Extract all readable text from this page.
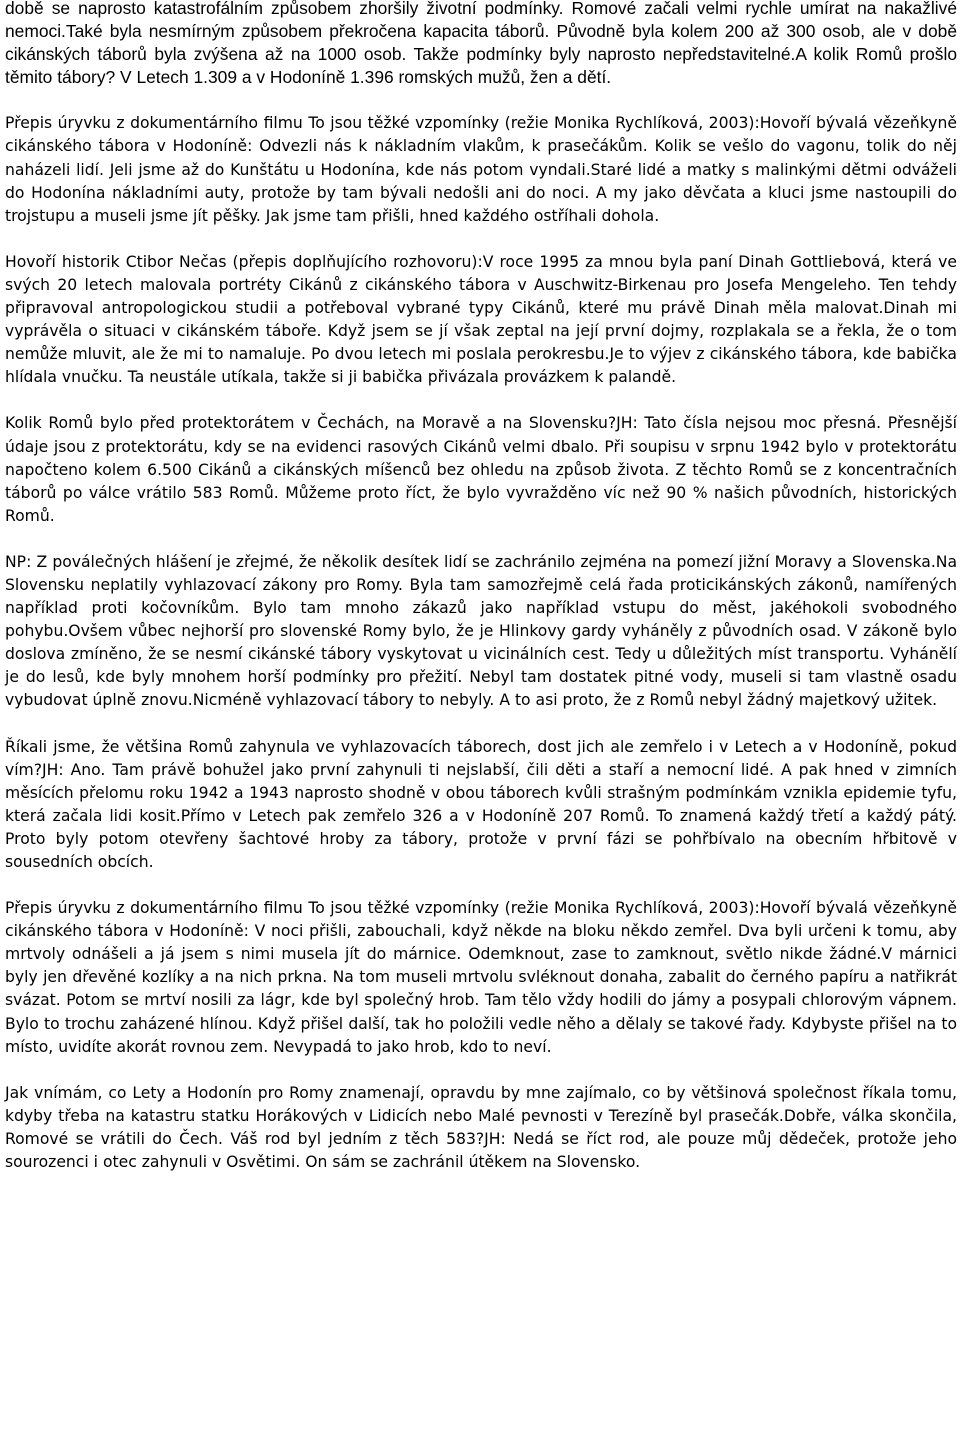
době se naprosto katastrofálním způsobem zhoršily životní podmínky. Romové začali velmi rychle umírat na nakažlivé nemoci.Také byla nesmírným způsobem překročena kapacita táborů. Původně byla kolem 200 až 300 osob, ale v době cikánských táborů byla zvýšena až na 1000 osob. Takže podmínky byly naprosto nepředstavitelné.A kolik Romů prošlo těmito tábory? V Letech 1.309 a v Hodoníně 1.396 romských mužů, žen a dětí.

Přepis úryvku z dokumentárního filmu To jsou těžké vzpomínky (režie Monika Rychlíková, 2003):Hovoří bývalá vězeňkyně cikánského tábora v Hodoníně: Odvezli nás k nákladním vlakům, k prasečákům. Kolik se vešlo do vagonu, tolik do něj naházeli lidí. Jeli jsme až do Kunštátu u Hodonína, kde nás potom vyndali.Staré lidé a matky s malinkými dětmi odváželi do Hodonína nákladními auty, protože by tam bývali nedošli ani do noci. A my jako děvčata a kluci jsme nastoupili do trojstupu a museli jsme jít pěšky. Jak jsme tam přišli, hned každého ostříhali dohola.

Hovoří historik Ctibor Nečas (přepis doplňujícího rozhovoru):V roce 1995 za mnou byla paní Dinah Gottliebová, která ve svých 20 letech malovala portréty Cikánů z cikánského tábora v Auschwitz-Birkenau pro Josefa Mengeleho. Ten tehdy připravoval antropologickou studii a potřeboval vybrané typy Cikánů, které mu právě Dinah měla malovat.Dinah mi vyprávěla o situaci v cikánském táboře. Když jsem se jí však zeptal na její první dojmy, rozplakala se a řekla, že o tom nemůže mluvit, ale že mi to namaluje. Po dvou letech mi poslala perokresbu.Je to výjev z cikánského tábora, kde babička hlídala vnučku. Ta neustále utíkala, takže si ji babička přivázala provázkem k palandě.

Kolik Romů bylo před protektorátem v Čechách, na Moravě a na Slovensku?JH: Tato čísla nejsou moc přesná. Přesnější údaje jsou z protektorátu, kdy se na evidenci rasových Cikánů velmi dbalo. Při soupisu v srpnu 1942 bylo v protektorátu napočteno kolem 6.500 Cikánů a cikánských míšenců bez ohledu na způsob života. Z těchto Romů se z koncentračních táborů po válce vrátilo 583 Romů. Můžeme proto říct, že bylo vyvražděno víc než 90 % našich původních, historických Romů.

NP: Z poválečných hlášení je zřejmé, že několik desítek lidí se zachránilo zejména na pomezí jižní Moravy a Slovenska.Na Slovensku neplatily vyhlazovací zákony pro Romy. Byla tam samozřejmě celá řada proticikánských zákonů, namířených například proti kočovníkům. Bylo tam mnoho zákazů jako například vstupu do měst, jakéhokoli svobodného pohybu.Ovšem vůbec nejhorší pro slovenské Romy bylo, že je Hlinkovy gardy vyháněly z původních osad. V zákoně bylo doslova zmíněno, že se nesmí cikánské tábory vyskytovat u vicinálních cest. Tedy u důležitých míst transportu. Vyhánělí je do lesů, kde byly mnohem horší podmínky pro přežití. Nebyl tam dostatek pitné vody, museli si tam vlastně osadu vybudovat úplně znovu.Nicméně vyhlazovací tábory to nebyly. A to asi proto, že z Romů nebyl žádný majetkový užitek.

Říkali jsme, že většina Romů zahynula ve vyhlazovacích táborech, dost jich ale zemřelo i v Letech a v Hodoníně, pokud vím?JH: Ano. Tam právě bohužel jako první zahynuli ti nejslabší, čili děti a staří a nemocní lidé. A pak hned v zimních měsících přelomu roku 1942 a 1943 naprosto shodně v obou táborech kvůli strašným podmínkám vznikla epidemie tyfu, která začala lidi kosit.Přímo v Letech pak zemřelo 326 a v Hodoníně 207 Romů. To znamená každý třetí a každý pátý. Proto byly potom otevřeny šachtové hroby za tábory, protože v první fázi se pohřbívalo na obecním hřbitově v sousedních obcích.

Přepis úryvku z dokumentárního filmu To jsou těžké vzpomínky (režie Monika Rychlíková, 2003):Hovoří bývalá vězeňkyně cikánského tábora v Hodoníně: V noci přišli, zabouchali, když někde na bloku někdo zemřel. Dva byli určeni k tomu, aby mrtvoly odnášeli a já jsem s nimi musela jít do márnice. Odemknout, zase to zamknout, světlo nikde žádné.V márnici byly jen dřevěné kozlíky a na nich prkna. Na tom museli mrtvolu svléknout donaha, zabalit do černého papíru a natřikrát svázat. Potom se mrtví nosili za lágr, kde byl společný hrob. Tam tělo vždy hodili do jámy a posypali chlorovým vápnem. Bylo to trochu zaházené hlínou. Když přišel další, tak ho položili vedle něho a dělaly se takové řady. Kdybyste přišel na to místo, uvidíte akorát rovnou zem. Nevypadá to jako hrob, kdo to neví.

Jak vnímám, co Lety a Hodonín pro Romy znamenají, opravdu by mne zajímalo, co by většinová společnost říkala tomu, kdyby třeba na katastru statku Horákových v Lidicích nebo Malé pevnosti v Terezíně byl prasečák.Dobře, válka skončila, Romové se vrátili do Čech. Váš rod byl jedním z těch 583?JH: Nedá se říct rod, ale pouze můj dědeček, protože jeho sourozenci i otec zahynuli v Osvětimi. On sám se zachránil útěkem na Slovensko.
